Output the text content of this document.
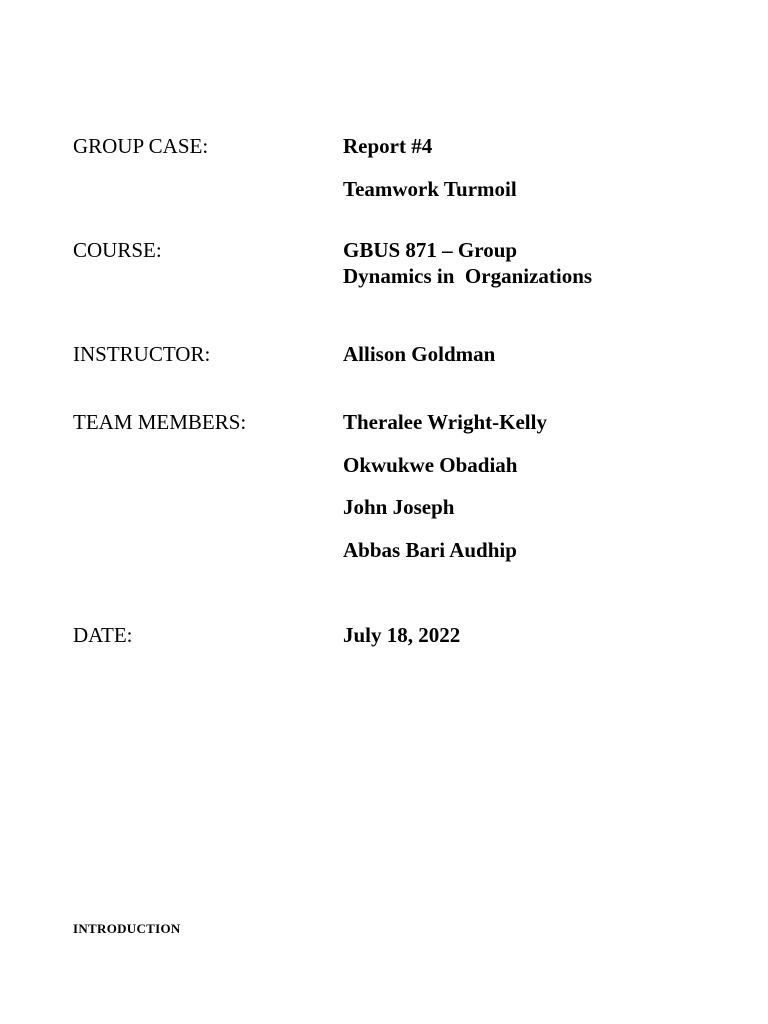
GROUP CASE:	Report #4
Teamwork Turmoil
COURSE:	GBUS 871 – Group
Dynamics in  Organizations
INSTRUCTOR:	Allison Goldman
TEAM MEMBERS:	Theralee Wright-Kelly
Okwukwe Obadiah
John Joseph
Abbas Bari Audhip
DATE:	July 18, 2022
INTRODUCTION
